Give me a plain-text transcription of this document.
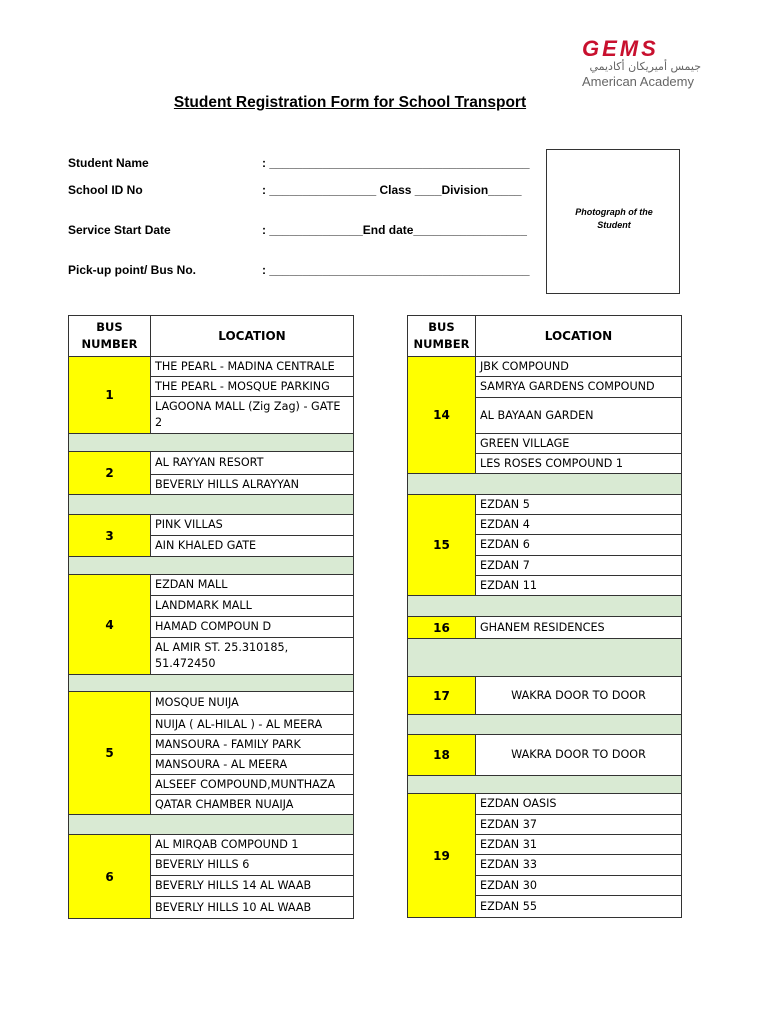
GEMS
جيمس أميريكان أكاديمي
American Academy
Student Registration Form for School Transport
Student Name	: _______________________________________
School ID No	: ________________ Class ____Division_____
Service Start Date	: ______________End date_________________
Pick-up point/ Bus No.	: _______________________________________
Photograph of the
Student
BUS
NUMBER	LOCATION
1	THE PEARL - MADINA CENTRALE
	THE PEARL - MOSQUE PARKING
	LAGOONA MALL (Zig Zag) - GATE 2

2	AL RAYYAN RESORT
	BEVERLY HILLS ALRAYYAN

3	PINK VILLAS
	AIN KHALED GATE

4	EZDAN MALL
	LANDMARK MALL
	HAMAD COMPOUN D
	AL AMIR ST. 25.310185, 51.472450

5	MOSQUE NUIJA
	NUIJA ( AL-HILAL ) - AL MEERA
	MANSOURA - FAMILY PARK
	MANSOURA - AL MEERA
	ALSEEF COMPOUND,MUNTHAZA
	QATAR CHAMBER NUAIJA

6	AL MIRQAB COMPOUND 1
	BEVERLY HILLS 6
	BEVERLY HILLS 14 AL WAAB
	BEVERLY HILLS 10 AL WAAB
BUS
NUMBER	LOCATION
14	JBK COMPOUND
	SAMRYA GARDENS COMPOUND
	AL BAYAAN GARDEN
	GREEN VILLAGE
	LES ROSES COMPOUND 1

15	EZDAN 5
	EZDAN 4
	EZDAN 6
	EZDAN 7
	EZDAN 11

16	GHANEM RESIDENCES

17	WAKRA DOOR TO DOOR

18	WAKRA DOOR TO DOOR

19	EZDAN OASIS
	EZDAN 37
	EZDAN 31
	EZDAN 33
	EZDAN 30
	EZDAN 55
